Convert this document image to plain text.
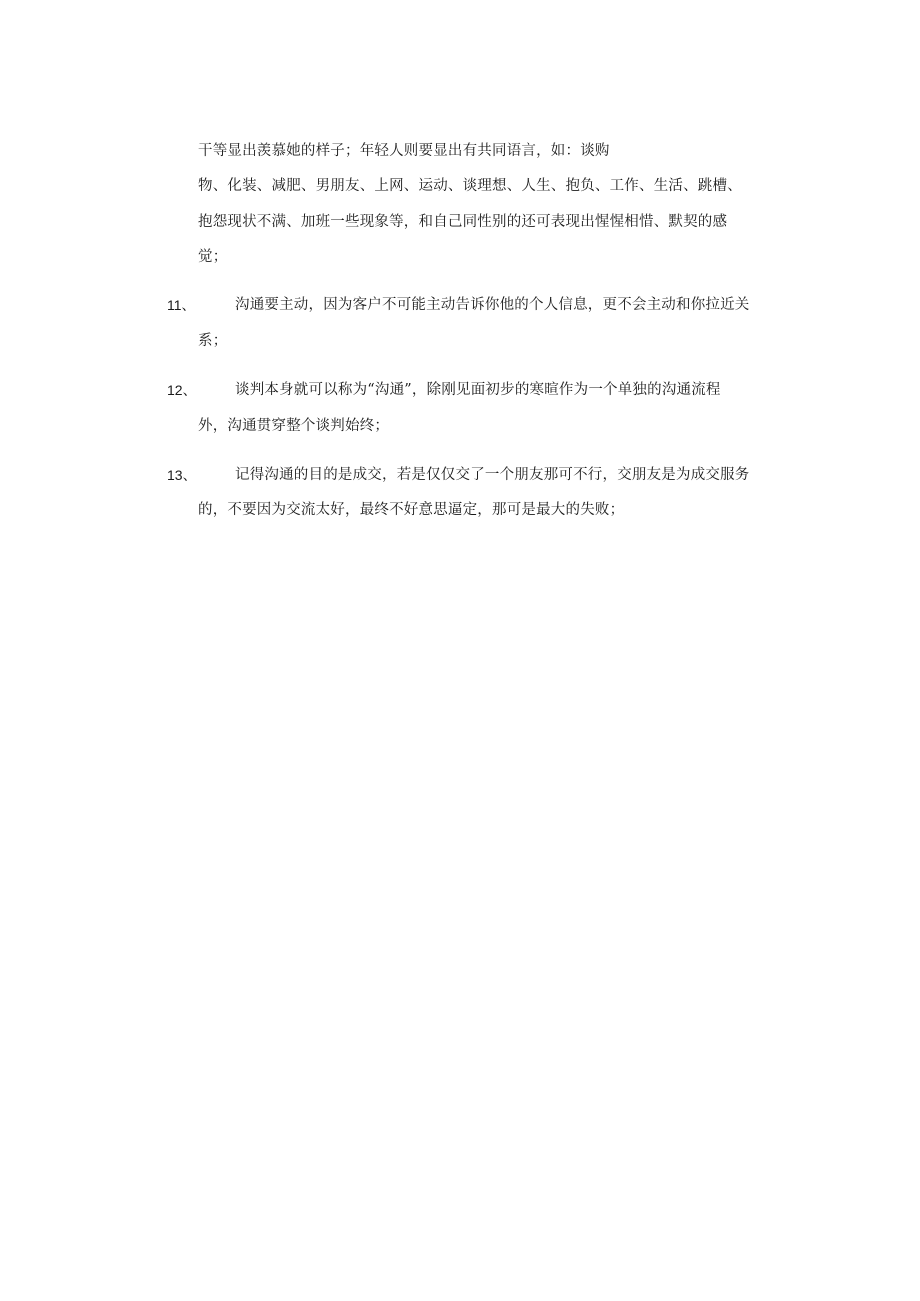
干等显出羡慕她的样子；年轻人则要显出有共同语言，如：谈购
物、化装、减肥、男朋友、上网、运动、谈理想、人生、抱负、工作、生活、跳槽、
抱怨现状不满、加班一些现象等，和自己同性别的还可表现出惺惺相惜、默契的感
觉；
11、	沟通要主动，因为客户不可能主动告诉你他的个人信息，更不会主动和你拉近关
系；
12、	谈判本身就可以称为“沟通”，除刚见面初步的寒暄作为一个单独的沟通流程
外，沟通贯穿整个谈判始终；
13、	记得沟通的目的是成交，若是仅仅交了一个朋友那可不行，交朋友是为成交服务
的，不要因为交流太好，最终不好意思逼定，那可是最大的失败；
